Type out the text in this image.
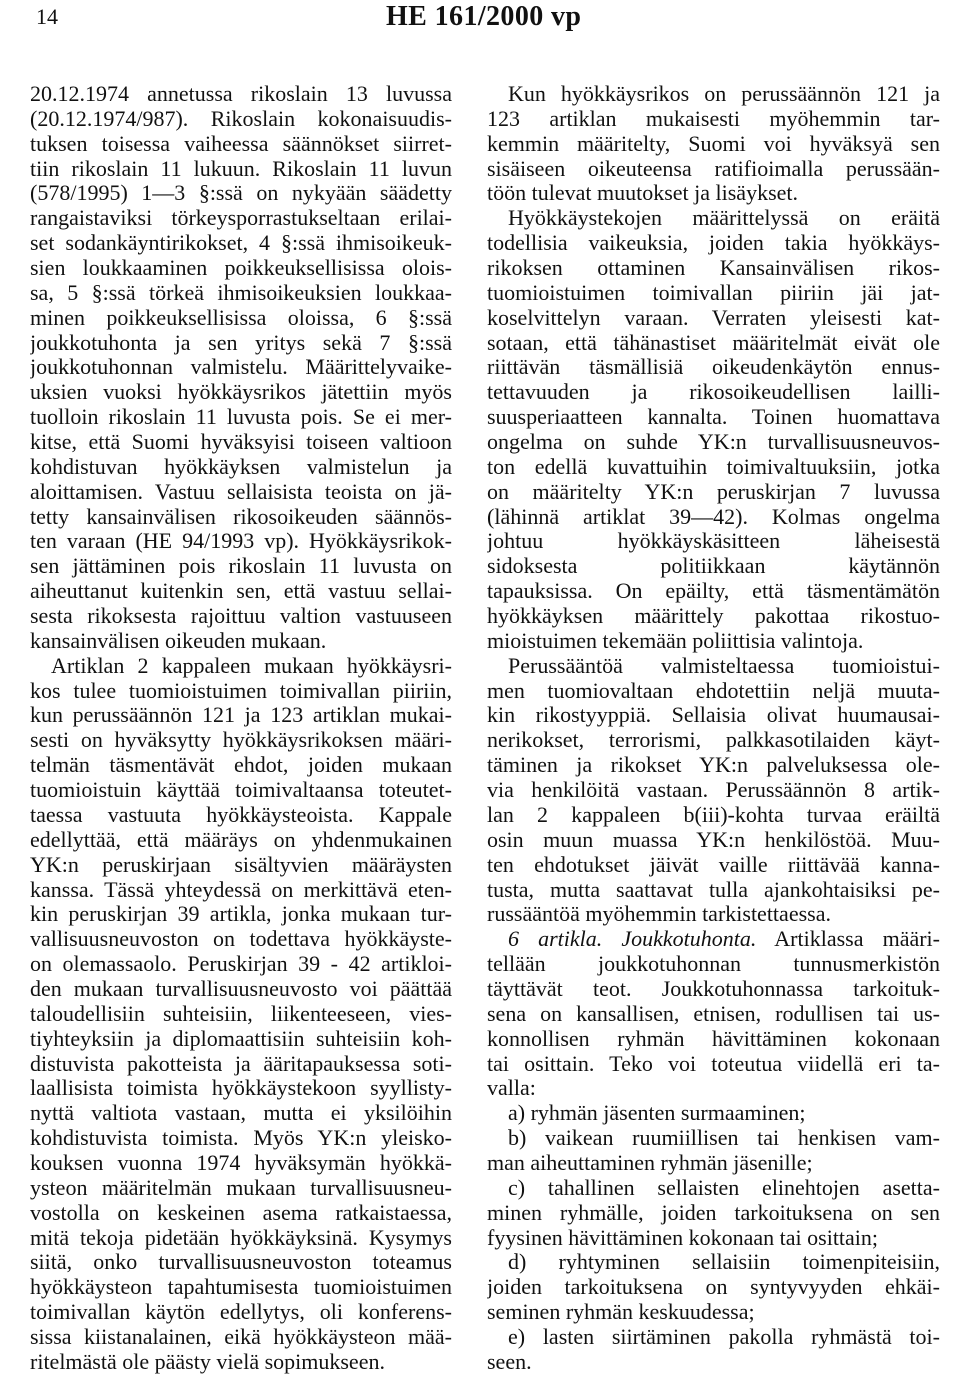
14	HE 161/2000 vp
20.12.1974 annetussa rikoslain 13 luvussa
(20.12.1974/987). Rikoslain kokonaisuudis-
tuksen toisessa vaiheessa säännökset siirret-
tiin rikoslain 11 lukuun. Rikoslain 11 luvun
(578/1995) 1—3 §:ssä on nykyään säädetty
rangaistaviksi törkeysporrastukseltaan erilai-
set sodankäyntirikokset, 4 §:ssä ihmisoikeuk-
sien loukkaaminen poikkeuksellisissa olois-
sa, 5 §:ssä törkeä ihmisoikeuksien loukkaa-
minen poikkeuksellisissa oloissa, 6 §:ssä
joukkotuhonta ja sen yritys sekä 7 §:ssä
joukkotuhonnan valmistelu. Määrittelyvaike-
uksien vuoksi hyökkäysrikos jätettiin myös
tuolloin rikoslain 11 luvusta pois. Se ei mer-
kitse, että Suomi hyväksyisi toiseen valtioon
kohdistuvan hyökkäyksen valmistelun ja
aloittamisen. Vastuu sellaisista teoista on jä-
tetty kansainvälisen rikosoikeuden säännös-
ten varaan (HE 94/1993 vp). Hyökkäysrikok-
sen jättäminen pois rikoslain 11 luvusta on
aiheuttanut kuitenkin sen, että vastuu sellai-
sesta rikoksesta rajoittuu valtion vastuuseen
kansainvälisen oikeuden mukaan.
Artiklan 2 kappaleen mukaan hyökkäysri-
kos tulee tuomioistuimen toimivallan piiriin,
kun perussäännön 121 ja 123 artiklan mukai-
sesti on hyväksytty hyökkäysrikoksen määri-
telmän täsmentävät ehdot, joiden mukaan
tuomioistuin käyttää toimivaltaansa toteutet-
taessa vastuuta hyökkäysteoista. Kappale
edellyttää, että määräys on yhdenmukainen
YK:n peruskirjaan sisältyvien määräysten
kanssa. Tässä yhteydessä on merkittävä eten-
kin peruskirjan 39 artikla, jonka mukaan tur-
vallisuusneuvoston on todettava hyökkäyste-
on olemassaolo. Peruskirjan 39 - 42 artikloi-
den mukaan turvallisuusneuvosto voi päättää
taloudellisiin suhteisiin, liikenteeseen, vies-
tiyhteyksiin ja diplomaattisiin suhteisiin koh-
distuvista pakotteista ja ääritapauksessa soti-
laallisista toimista hyökkäystekoon syyllisty-
nyttä valtiota vastaan, mutta ei yksilöihin
kohdistuvista toimista. Myös YK:n yleisko-
kouksen vuonna 1974 hyväksymän hyökkä-
ysteon määritelmän mukaan turvallisuusneu-
vostolla on keskeinen asema ratkaistaessa,
mitä tekoja pidetään hyökkäyksinä. Kysymys
siitä, onko turvallisuusneuvoston toteamus
hyökkäysteon tapahtumisesta tuomioistuimen
toimivallan käytön edellytys, oli konferens-
sissa kiistanalainen, eikä hyökkäysteon mää-
ritelmästä ole päästy vielä sopimukseen.
Kun hyökkäysrikos on perussäännön 121 ja
123 artiklan mukaisesti myöhemmin tar-
kemmin määritelty, Suomi voi hyväksyä sen
sisäiseen oikeuteensa ratifioimalla perussään-
töön tulevat muutokset ja lisäykset.
Hyökkäystekojen määrittelyssä on eräitä
todellisia vaikeuksia, joiden takia hyökkäys-
rikoksen ottaminen Kansainvälisen rikos-
tuomioistuimen toimivallan piiriin jäi jat-
koselvittelyn varaan. Verraten yleisesti kat-
sotaan, että tähänastiset määritelmät eivät ole
riittävän täsmällisiä oikeudenkäytön ennus-
tettavuuden ja rikosoikeudellisen lailli-
suusperiaatteen kannalta. Toinen huomattava
ongelma on suhde YK:n turvallisuusneuvos-
ton edellä kuvattuihin toimivaltuuksiin, jotka
on määritelty YK:n peruskirjan 7 luvussa
(lähinnä artiklat 39—42). Kolmas ongelma
johtuu hyökkäyskäsitteen läheisestä
sidoksesta politiikkaan käytännön
tapauksissa. On epäilty, että täsmentämätön
hyökkäyksen määrittely pakottaa rikostuo-
mioistuimen tekemään poliittisia valintoja.
Perussääntöä valmisteltaessa tuomioistui-
men tuomiovaltaan ehdotettiin neljä muuta-
kin rikostyyppiä. Sellaisia olivat huumausai-
nerikokset, terrorismi, palkkasotilaiden käyt-
täminen ja rikokset YK:n palveluksessa ole-
via henkilöitä vastaan. Perussäännön 8 artik-
lan 2 kappaleen b(iii)-kohta turvaa eräiltä
osin muun muassa YK:n henkilöstöä. Muu-
ten ehdotukset jäivät vaille riittävää kanna-
tusta, mutta saattavat tulla ajankohtaisiksi pe-
russääntöä myöhemmin tarkistettaessa.
6 artikla. Joukkotuhonta. Artiklassa määri-
tellään joukkotuhonnan tunnusmerkistön
täyttävät teot. Joukkotuhonnassa tarkoituk-
sena on kansallisen, etnisen, rodullisen tai us-
konnollisen ryhmän hävittäminen kokonaan
tai osittain. Teko voi toteutua viidellä eri ta-
valla:
a) ryhmän jäsenten surmaaminen;
b) vaikean ruumiillisen tai henkisen vam-
man aiheuttaminen ryhmän jäsenille;
c) tahallinen sellaisten elinehtojen asetta-
minen ryhmälle, joiden tarkoituksena on sen
fyysinen hävittäminen kokonaan tai osittain;
d) ryhtyminen sellaisiin toimenpiteisiin,
joiden tarkoituksena on syntyvyyden ehkäi-
seminen ryhmän keskuudessa;
e) lasten siirtäminen pakolla ryhmästä toi-
seen.
